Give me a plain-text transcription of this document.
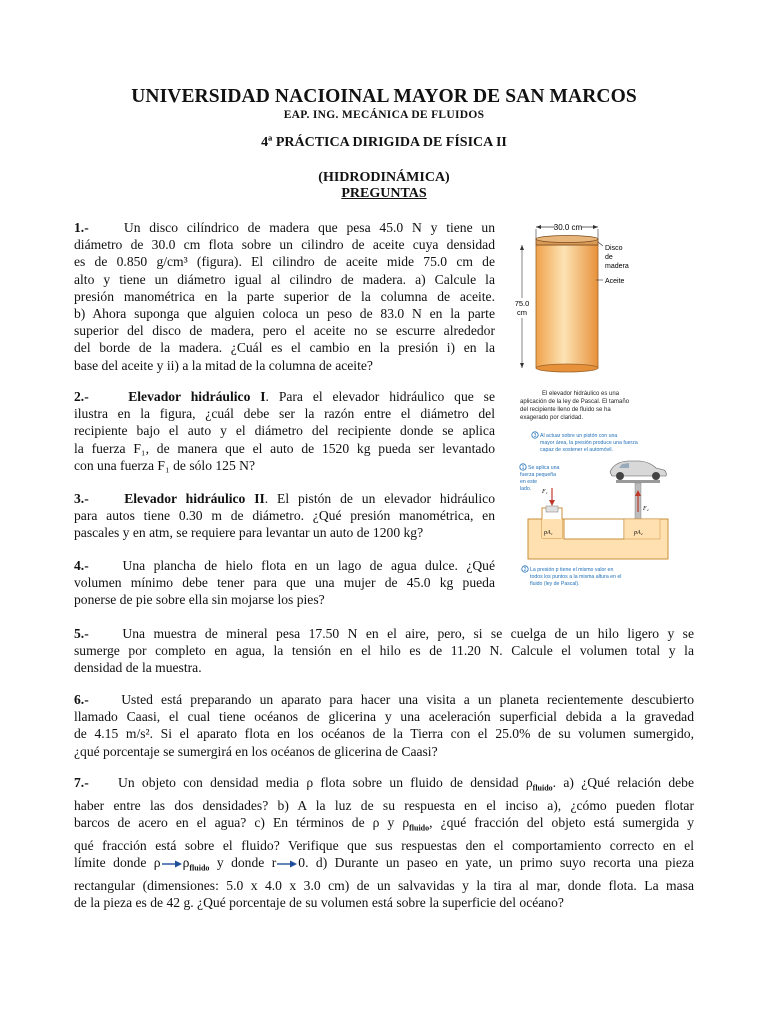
UNIVERSIDAD NACIOINAL MAYOR DE SAN MARCOS
EAP. ING. MECÁNICA DE FLUIDOS
4ª PRÁCTICA DIRIGIDA DE FÍSICA II
(HIDRODINÁMICA)
PREGUNTAS
1.-	Un disco cilíndrico de madera que pesa 45.0 N y tiene un
diámetro de 30.0 cm flota sobre un cilindro de aceite cuya densidad
es de 0.850 g/cm³ (figura). El cilindro de aceite mide 75.0 cm de
alto y tiene un diámetro igual al cilindro de madera. a) Calcule la
presión manométrica en la parte superior de la columna de aceite.
b) Ahora suponga que alguien coloca un peso de 83.0 N en la parte
superior del disco de madera, pero el aceite no se escurre alrededor
del borde de la madera. ¿Cuál es el cambio en la presión i) en la
base del aceite y ii) a la mitad de la columna de aceite?
30.0 cm
75.0
cm
Disco
de
madera
Aceite
2.-	Elevador hidráulico I. Para el elevador hidráulico que se
ilustra en la figura, ¿cuál debe ser la razón entre el diámetro del
recipiente bajo el auto y el diámetro del recipiente donde se aplica
la fuerza F₁, de manera que el auto de 1520 kg pueda ser levantado
con una fuerza F₁ de sólo 125 N?
El elevador hidráulico es una
aplicación de la ley de Pascal. El tamaño
del recipiente lleno de fluido se ha
exagerado por claridad.
3 Al actuar sobre un pistón con una
mayor área, la presión produce una fuerza
capaz de sostener el automóvil.
1 Se aplica una
fuerza pequeña
en este
lado. F₁
F₂
pA₁	pA₂
2 La presión p tiene el mismo valor en
todos los puntos a la misma altura en el
fluido (ley de Pascal).
3.-	Elevador hidráulico II. El pistón de un elevador hidráulico
para autos tiene 0.30 m de diámetro. ¿Qué presión manométrica, en
pascales y en atm, se requiere para levantar un auto de 1200 kg?
4.- Una plancha de hielo flota en un lago de agua dulce. ¿Qué
volumen mínimo debe tener para que una mujer de 45.0 kg pueda
ponerse de pie sobre ella sin mojarse los pies?
5.- Una muestra de mineral pesa 17.50 N en el aire, pero, si se cuelga de un hilo ligero y se
sumerge por completo en agua, la tensión en el hilo es de 11.20 N. Calcule el volumen total y la
densidad de la muestra.
6.- Usted está preparando un aparato para hacer una visita a un planeta recientemente descubierto
llamado Caasi, el cual tiene océanos de glicerina y una aceleración superficial debida a la gravedad
de 4.15 m/s². Si el aparato flota en los océanos de la Tierra con el 25.0% de su volumen sumergido,
¿qué porcentaje se sumergirá en los océanos de glicerina de Caasi?
7.- Un objeto con densidad media ρ flota sobre un fluido de densidad $\rho_{fluido}$. a) ¿Qué relación debe
haber entre las dos densidades? b) A la luz de su respuesta en el inciso a), ¿cómo pueden flotar
barcos de acero en el agua? c) En términos de ρ y $\rho_{fluido}$, ¿qué fracción del objeto está sumergida y
qué fracción está sobre el fluido? Verifique que sus respuestas den el comportamiento correcto en el
límite donde ρ $\rho_{fluido}$ y donde r 0. d) Durante un paseo en yate, un primo suyo recorta una pieza
rectangular (dimensiones: 5.0 x 4.0 x 3.0 cm) de un salvavidas y la tira al mar, donde flota. La masa
de la pieza es de 42 g. ¿Qué porcentaje de su volumen está sobre la superficie del océano?
